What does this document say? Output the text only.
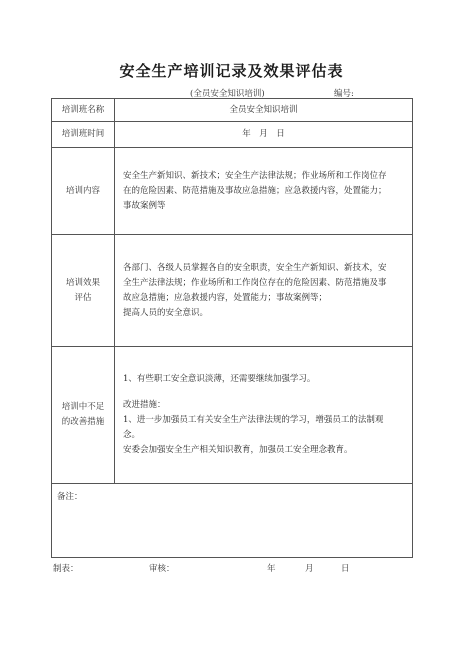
安全生产培训记录及效果评估表
(全员安全知识培训)	编号:
培训班名称	全员安全知识培训
培训班时间	年　月　日
培训内容	安全生产新知识、新技术；安全生产法律法规；作业场所和工作岗位存
在的危险因素、防范措施及事故应急措施；应急救援内容，处置能力；
事故案例等

培训效果
评估	各部门、各级人员掌握各自的安全职责，安全生产新知识、新技术，安
全生产法律法规；作业场所和工作岗位存在的危险因素、防范措施及事
故应急措施；应急救援内容，处置能力；事故案例等；
提高人员的安全意识。

培训中不足
的改善措施	1、有些职工安全意识淡薄，还需要继续加强学习。
改进措施：
1、进一步加强员工有关安全生产法律法规的学习，增强员工的法制观
念。
安委会加强安全生产相关知识教育，加强员工安全理念教育。

备注：	
制表：	审核：	年	月	日
